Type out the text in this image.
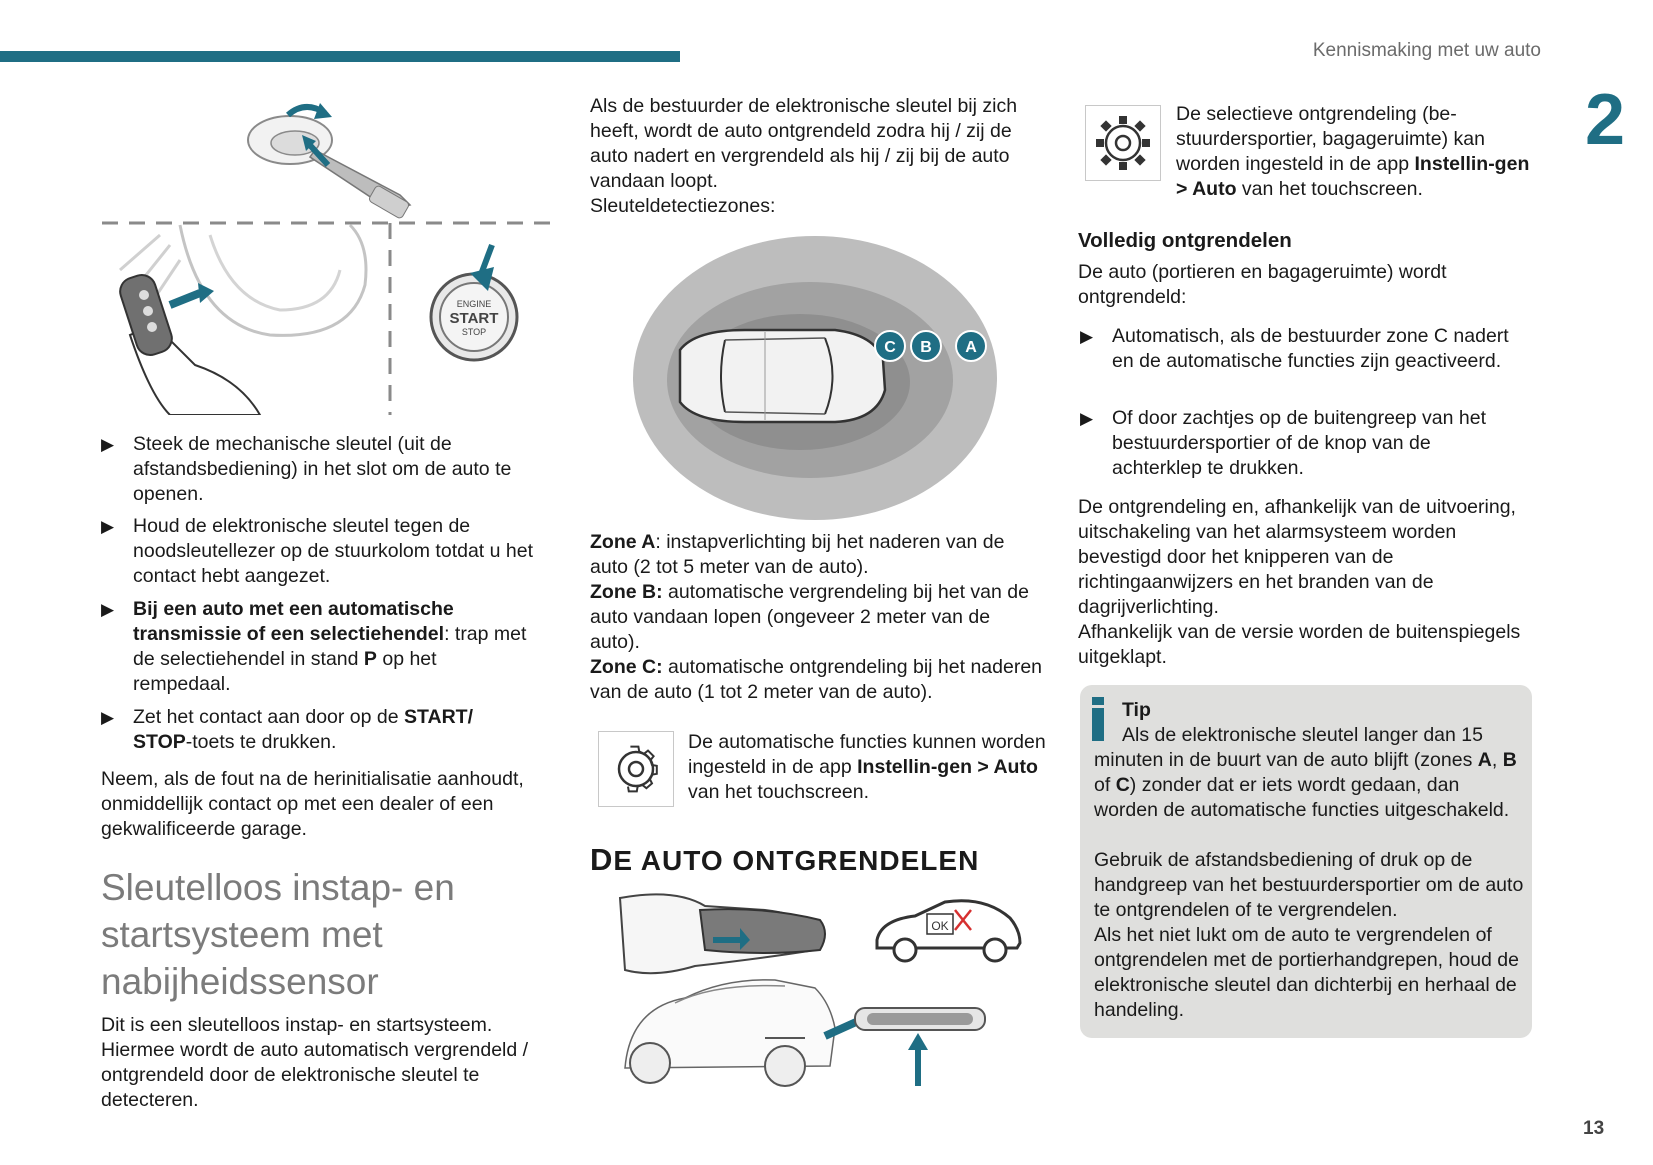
Kennismaking met uw auto
2
13
ENGINE
START
STOP
▶ Steek de mechanische sleutel (uit de afstandsbediening) in het slot om de auto te openen.
▶ Houd de elektronische sleutel tegen de noodsleutellezer op de stuurkolom totdat u het contact hebt aangezet.
▶ Bij een auto met een automatische transmissie of een selectiehendel: trap met de selectiehendel in stand P op het rempedaal.
▶ Zet het contact aan door op de START/ STOP-toets te drukken.
Neem, als de fout na de herinitialisatie aanhoudt, onmiddellijk contact op met een dealer of een gekwalificeerde garage.
Sleutelloos instap- en startsysteem met nabijheidssensor
Dit is een sleutelloos instap- en startsysteem. Hiermee wordt de auto automatisch vergrendeld / ontgrendeld door de elektronische sleutel te detecteren.
Als de bestuurder de elektronische sleutel bij zich heeft, wordt de auto ontgrendeld zodra hij / zij de auto nadert en vergrendeld als hij / zij bij de auto vandaan loopt.
Sleuteldetectiezones:
C B A
Zone A: instapverlichting bij het naderen van de auto (2 tot 5 meter van de auto).
Zone B: automatische vergrendeling bij het van de auto vandaan lopen (ongeveer 2 meter van de auto).
Zone C: automatische ontgrendeling bij het naderen van de auto (1 tot 2 meter van de auto).
De automatische functies kunnen worden ingesteld in de app Instellin-gen > Auto van het touchscreen.
DE AUTO ONTGRENDELEN
OK
De selectieve ontgrendeling (be-stuurdersportier, bagageruimte) kan worden ingesteld in de app Instellin-gen > Auto van het touchscreen.
Volledig ontgrendelen
De auto (portieren en bagageruimte) wordt ontgrendeld:
▶ Automatisch, als de bestuurder zone C nadert en de automatische functies zijn geactiveerd.
▶ Of door zachtjes op de buitengreep van het bestuurdersportier of de knop van de achterklep te drukken.
De ontgrendeling en, afhankelijk van de uitvoering, uitschakeling van het alarmsysteem worden bevestigd door het knipperen van de richtingaanwijzers en het branden van de dagrijverlichting.
Afhankelijk van de versie worden de buitenspiegels uitgeklapt.
Tip
Als de elektronische sleutel langer dan 15 minuten in de buurt van de auto blijft (zones A, B of C) zonder dat er iets wordt gedaan, dan worden de automatische functies uitgeschakeld.
Gebruik de afstandsbediening of druk op de handgreep van het bestuurdersportier om de auto te ontgrendelen of te vergrendelen.
Als het niet lukt om de auto te vergrendelen of ontgrendelen met de portierhandgrepen, houd de elektronische sleutel dan dichterbij en herhaal de handeling.
